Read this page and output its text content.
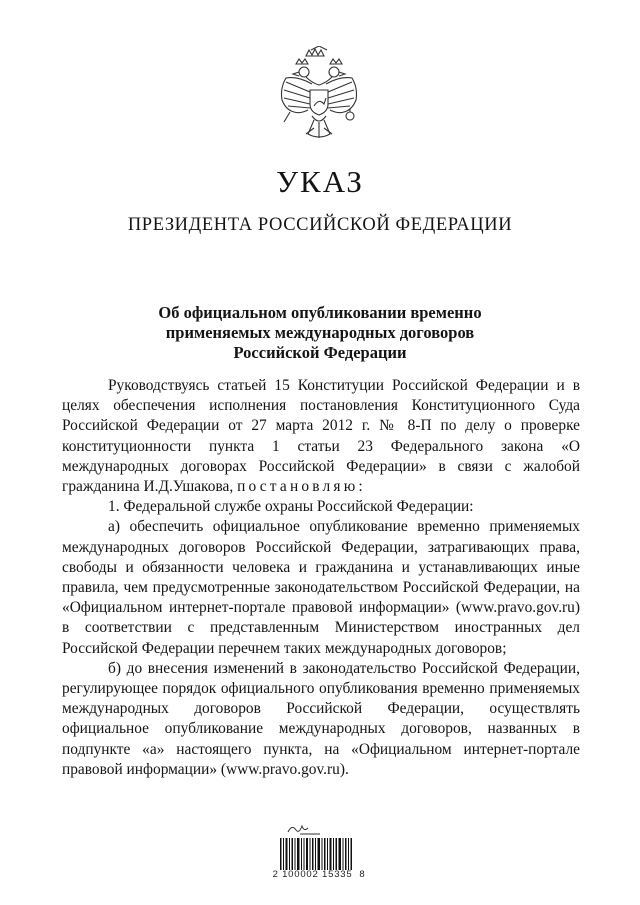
УКАЗ
ПРЕЗИДЕНТА РОССИЙСКОЙ ФЕДЕРАЦИИ
Об официальном опубликовании временно
применяемых международных договоров
Российской Федерации

Руководствуясь статьей 15 Конституции Российской Федерации и в целях обеспечения исполнения постановления Конституционного Суда Российской Федерации от 27 марта 2012 г. № 8-П по делу о проверке конституционности пункта 1 статьи 23 Федерального закона «О международных договорах Российской Федерации» в связи с жалобой гражданина И.Д.Ушакова, постановляю:

1. Федеральной службе охраны Российской Федерации:

а) обеспечить официальное опубликование временно применяемых международных договоров Российской Федерации, затрагивающих права, свободы и обязанности человека и гражданина и устанавливающих иные правила, чем предусмотренные законодательством Российской Федерации, на «Официальном интернет-портале правовой информации» (www.pravo.gov.ru) в соответствии с представленным Министерством иностранных дел Российской Федерации перечнем таких международных договоров;

б) до внесения изменений в законодательство Российской Федерации, регулирующее порядок официального опубликования временно применяемых международных договоров Российской Федерации, осуществлять официальное опубликование международных договоров, названных в подпункте «а» настоящего пункта, на «Официальном интернет-портале правовой информации» (www.pravo.gov.ru).

2 100002 15335  8
